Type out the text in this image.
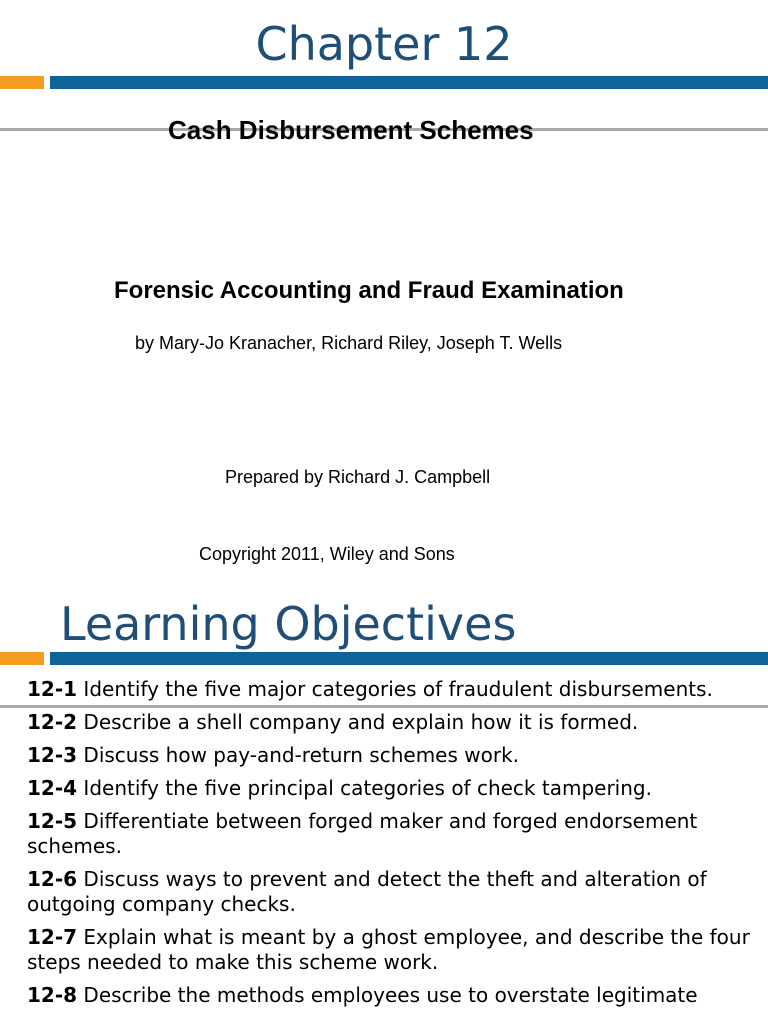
Chapter 12
Cash Disbursement Schemes
Forensic Accounting and Fraud Examination
by Mary-Jo Kranacher, Richard Riley, Joseph T. Wells
Prepared by Richard J. Campbell
Copyright 2011, Wiley and Sons
Learning Objectives
12-1 Identify the five major categories of fraudulent disbursements.
12-2 Describe a shell company and explain how it is formed.
12-3 Discuss how pay-and-return schemes work.
12-4 Identify the five principal categories of check tampering.
12-5 Differentiate between forged maker and forged endorsement schemes.
12-6 Discuss ways to prevent and detect the theft and alteration of outgoing company checks.
12-7 Explain what is meant by a ghost employee, and describe the four steps needed to make this scheme work.
12-8 Describe the methods employees use to overstate legitimate
